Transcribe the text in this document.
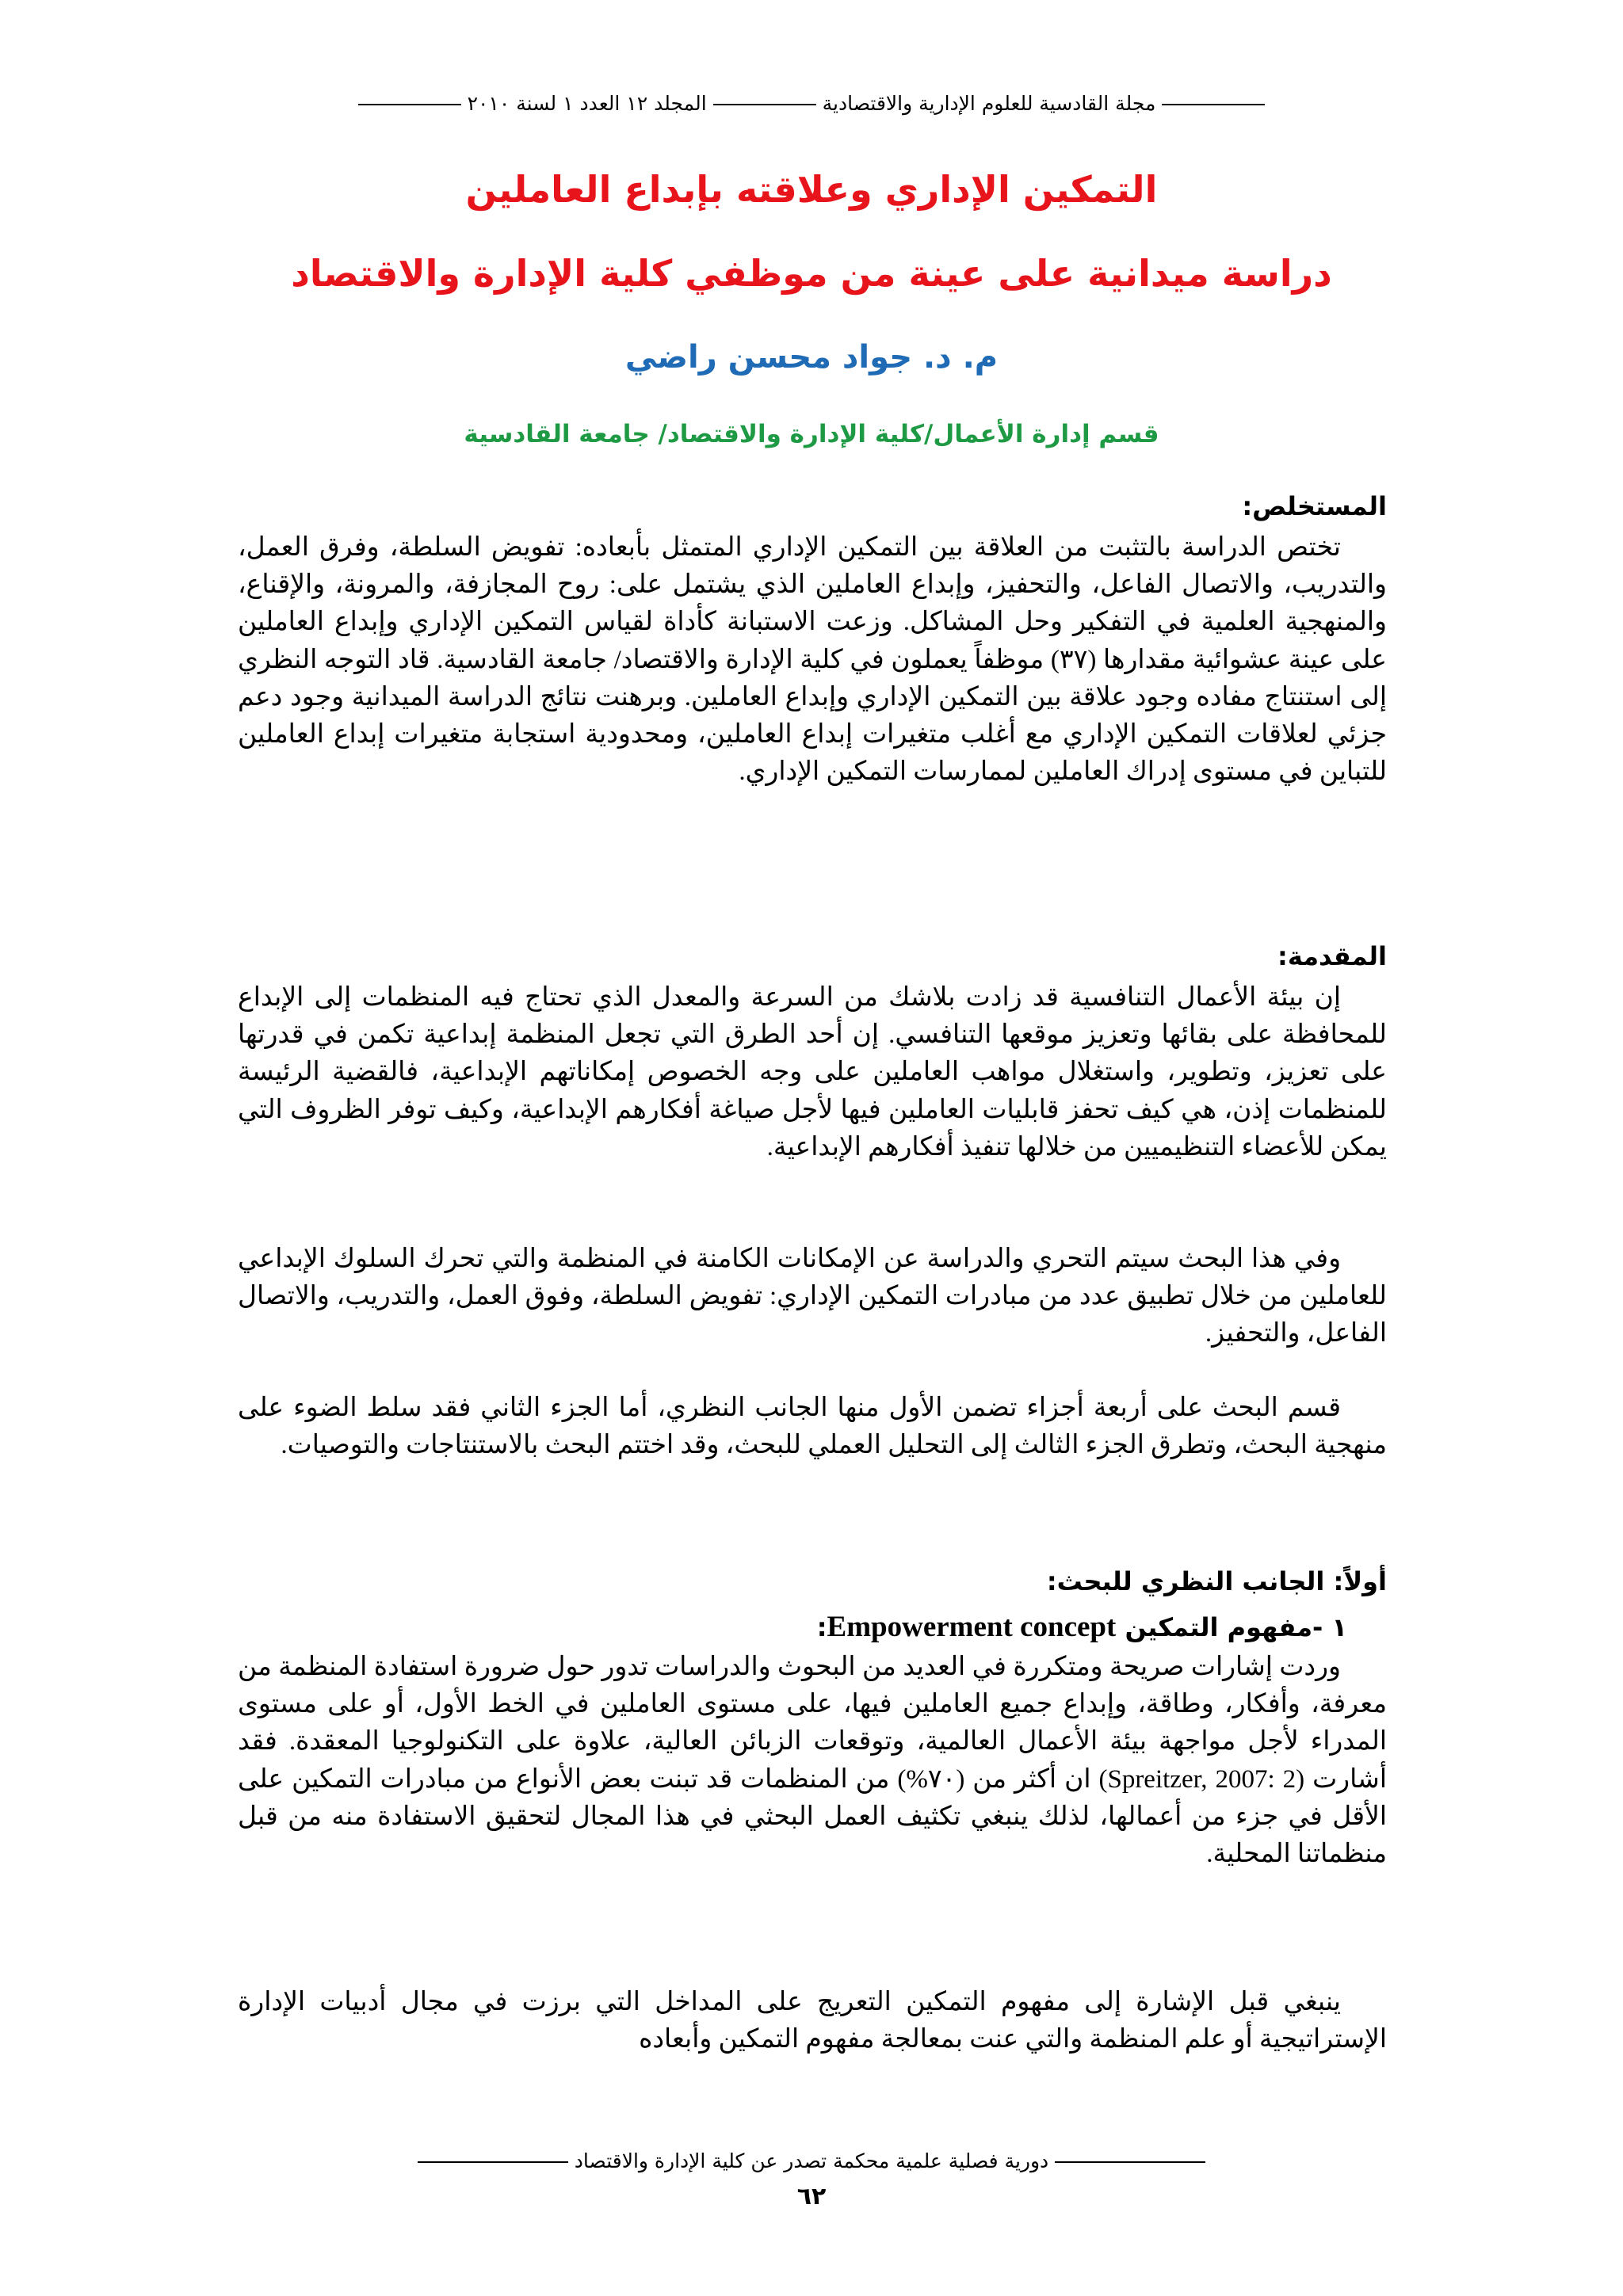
مجلة القادسية للعلوم الإدارية والاقتصاديةالمجلد ١٢ العدد ١ لسنة ٢٠١٠
التمكين الإداري وعلاقته بإبداع العاملين
دراسة ميدانية على عينة من موظفي كلية الإدارة والاقتصاد
م. د. جواد محسن راضي
قسم إدارة الأعمال/كلية الإدارة والاقتصاد/ جامعة القادسية
المستخلص:
تختص الدراسة بالتثبت من العلاقة بين التمكين الإداري المتمثل بأبعاده: تفويض السلطة، وفرق العمل، والتدريب، والاتصال الفاعل، والتحفيز، وإبداع العاملين الذي يشتمل على: روح المجازفة، والمرونة، والإقناع، والمنهجية العلمية في التفكير وحل المشاكل. وزعت الاستبانة كأداة لقياس التمكين الإداري وإبداع العاملين على عينة عشوائية مقدارها (٣٧) موظفاً يعملون في كلية الإدارة والاقتصاد/ جامعة القادسية. قاد التوجه النظري إلى استنتاج مفاده وجود علاقة بين التمكين الإداري وإبداع العاملين. وبرهنت نتائج الدراسة الميدانية وجود دعم جزئي لعلاقات التمكين الإداري مع أغلب متغيرات إبداع العاملين، ومحدودية استجابة متغيرات إبداع العاملين للتباين في مستوى إدراك العاملين لممارسات التمكين الإداري.
المقدمة:
إن بيئة الأعمال التنافسية قد زادت بلاشك من السرعة والمعدل الذي تحتاج فيه المنظمات إلى الإبداع للمحافظة على بقائها وتعزيز موقعها التنافسي. إن أحد الطرق التي تجعل المنظمة إبداعية تكمن في قدرتها على تعزيز، وتطوير، واستغلال مواهب العاملين على وجه الخصوص إمكاناتهم الإبداعية، فالقضية الرئيسة للمنظمات إذن، هي كيف تحفز قابليات العاملين فيها لأجل صياغة أفكارهم الإبداعية، وكيف توفر الظروف التي يمكن للأعضاء التنظيميين من خلالها تنفيذ أفكارهم الإبداعية.
وفي هذا البحث سيتم التحري والدراسة عن الإمكانات الكامنة في المنظمة والتي تحرك السلوك الإبداعي للعاملين من خلال تطبيق عدد من مبادرات التمكين الإداري: تفويض السلطة، وفوق العمل، والتدريب، والاتصال الفاعل، والتحفيز.
قسم البحث على أربعة أجزاء تضمن الأول منها الجانب النظري، أما الجزء الثاني فقد سلط الضوء على منهجية البحث، وتطرق الجزء الثالث إلى التحليل العملي للبحث، وقد اختتم البحث بالاستنتاجات والتوصيات.
أولاً: الجانب النظري للبحث:
١ -مفهوم التمكين Empowerment concept:
وردت إشارات صريحة ومتكررة في العديد من البحوث والدراسات تدور حول ضرورة استفادة المنظمة من معرفة، وأفكار، وطاقة، وإبداع جميع العاملين فيها، على مستوى العاملين في الخط الأول، أو على مستوى المدراء لأجل مواجهة بيئة الأعمال العالمية، وتوقعات الزبائن العالية، علاوة على التكنولوجيا المعقدة. فقد أشارت (Spreitzer, 2007: 2) ان أكثر من (٧٠%) من المنظمات قد تبنت بعض الأنواع من مبادرات التمكين على الأقل في جزء من أعمالها، لذلك ينبغي تكثيف العمل البحثي في هذا المجال لتحقيق الاستفادة منه من قبل منظماتنا المحلية.
ينبغي قبل الإشارة إلى مفهوم التمكين التعريج على المداخل التي برزت في مجال أدبيات الإدارة الإستراتيجية أو علم المنظمة والتي عنت بمعالجة مفهوم التمكين وأبعاده
دورية فصلية علمية محكمة تصدر عن كلية الإدارة والاقتصاد
٦٢
